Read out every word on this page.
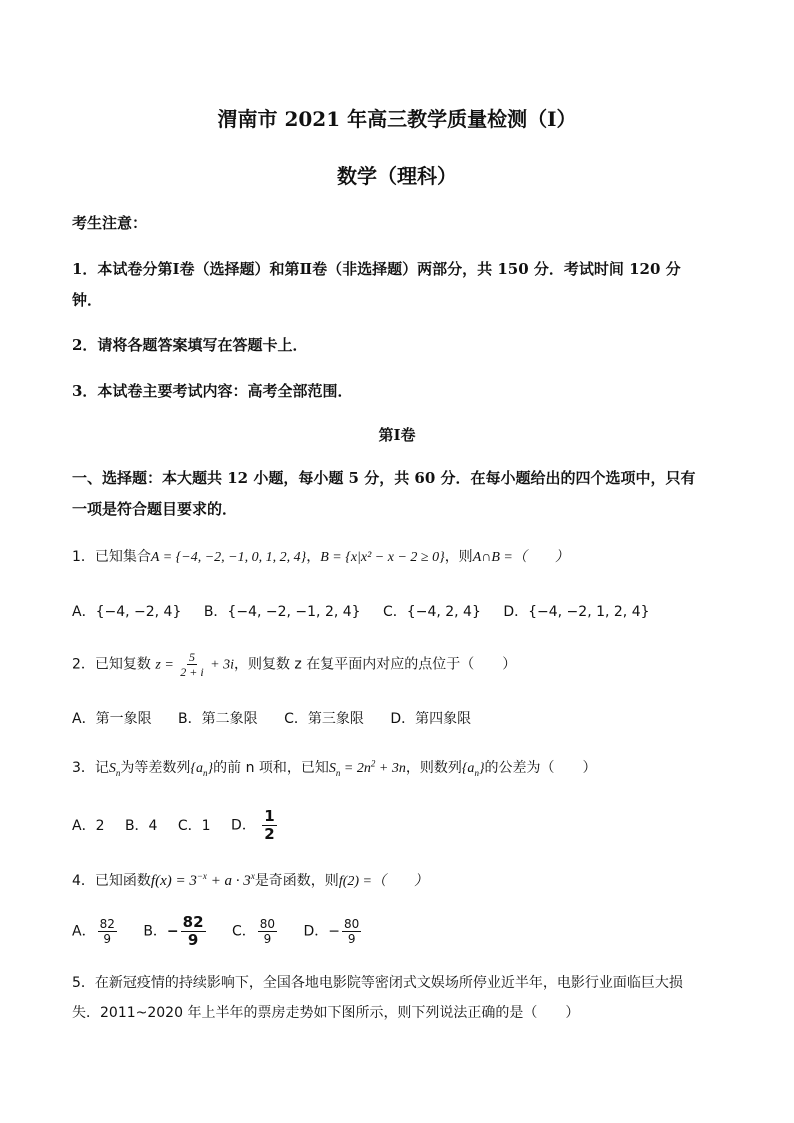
渭南市 2021 年高三教学质量检测（Ⅰ）
数学（理科）
考生注意：
1．本试卷分第Ⅰ卷（选择题）和第Ⅱ卷（非选择题）两部分，共 150 分．考试时间 120 分
钟．
2．请将各题答案填写在答题卡上．
3．本试卷主要考试内容：高考全部范围．
第Ⅰ卷
一、选择题：本大题共 12 小题，每小题 5 分，共 60 分．在每小题给出的四个选项中，只有
一项是符合题目要求的．
1．已知集合A = {−4, −2, −1, 0, 1, 2, 4}，B = {x|x² − x − 2 ≥ 0}，则A∩B =（　　）
A．{−4, −2, 4} B．{−4, −2, −1, 2, 4} C．{−4, 2, 4} D．{−4, −2, 1, 2, 4}
2．已知复数 $z = \frac{5}{2 + i} + 3i$，则复数 z 在复平面内对应的点位于（　　）
A．第一象限 B．第二象限 C．第三象限 D．第四象限
3．记$S_n$为等差数列$\{a_n\}$的前 n 项和，已知$S_n = 2n^2 + 3n$，则数列$\{a_n\}$的公差为（　　）
A．2 B．4 C．1 D． $\frac{1}{2}$
4．已知函数$f(x) = 3^{-x} + a \cdot 3^x$是奇函数，则f(2) =（　　）
A． $\frac{82}{9}$ B．− $\frac{82}{9}$ C． $\frac{80}{9}$ D．− $\frac{80}{9}$
5．在新冠疫情的持续影响下，全国各地电影院等密闭式文娱场所停业近半年，电影行业面临巨大损
失．2011~2020 年上半年的票房走势如下图所示，则下列说法正确的是（　　）
